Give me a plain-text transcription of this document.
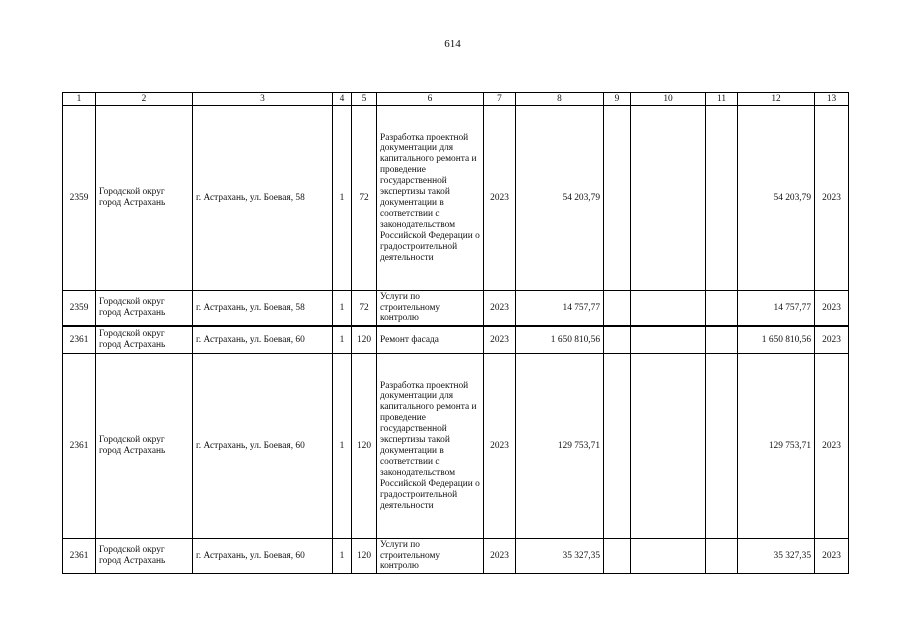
614
1	2	3	4	5	6	7	8	9	10	11	12	13
2359	Городской округ город Астрахань	г. Астрахань, ул. Боевая, 58	1	72	Разработка проектной документации для капитального ремонта и проведение государственной экспертизы такой документации в соответствии с законодательством Российской Федерации о градостроительной деятельности	2023	54 203,79				54 203,79	2023
2359	Городской округ город Астрахань	г. Астрахань, ул. Боевая, 58	1	72	Услуги по строительному контролю	2023	14 757,77				14 757,77	2023
2361	Городской округ город Астрахань	г. Астрахань, ул. Боевая, 60	1	120	Ремонт фасада	2023	1 650 810,56				1 650 810,56	2023
2361	Городской округ город Астрахань	г. Астрахань, ул. Боевая, 60	1	120	Разработка проектной документации для капитального ремонта и проведение государственной экспертизы такой документации в соответствии с законодательством Российской Федерации о градостроительной деятельности	2023	129 753,71				129 753,71	2023
2361	Городской округ город Астрахань	г. Астрахань, ул. Боевая, 60	1	120	Услуги по строительному контролю	2023	35 327,35				35 327,35	2023
